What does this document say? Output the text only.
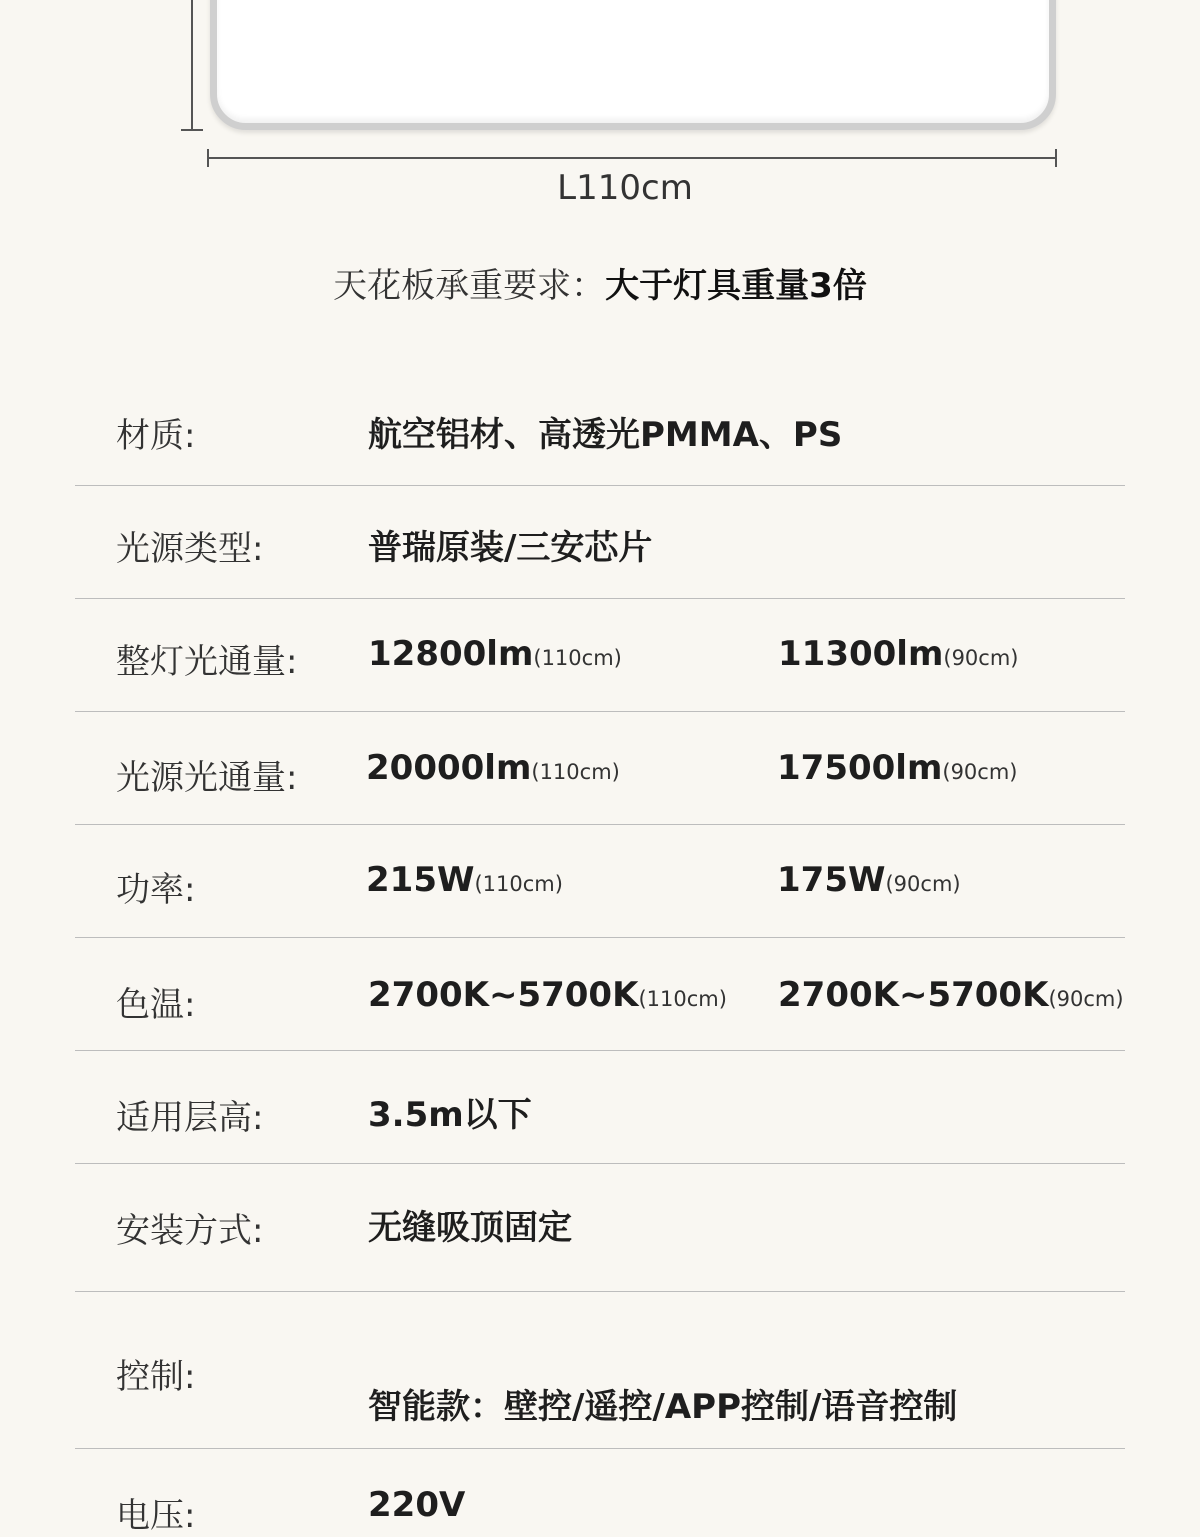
L110cm
天花板承重要求：大于灯具重量3倍
材质:	航空铝材、高透光PMMA、PS
光源类型:	普瑞原装/三安芯片
整灯光通量: 12800lm(110cm)	11300lm(90cm)
光源光通量: 20000lm(110cm)	17500lm(90cm)
功率:	215W(110cm)	175W(90cm)
色温:	2700K~5700K(110cm) 2700K~5700K(90cm)
适用层高:	3.5m以下
安装方式:	无缝吸顶固定
控制:
智能款：壁控/遥控/APP控制/语音控制
电压:	220V
